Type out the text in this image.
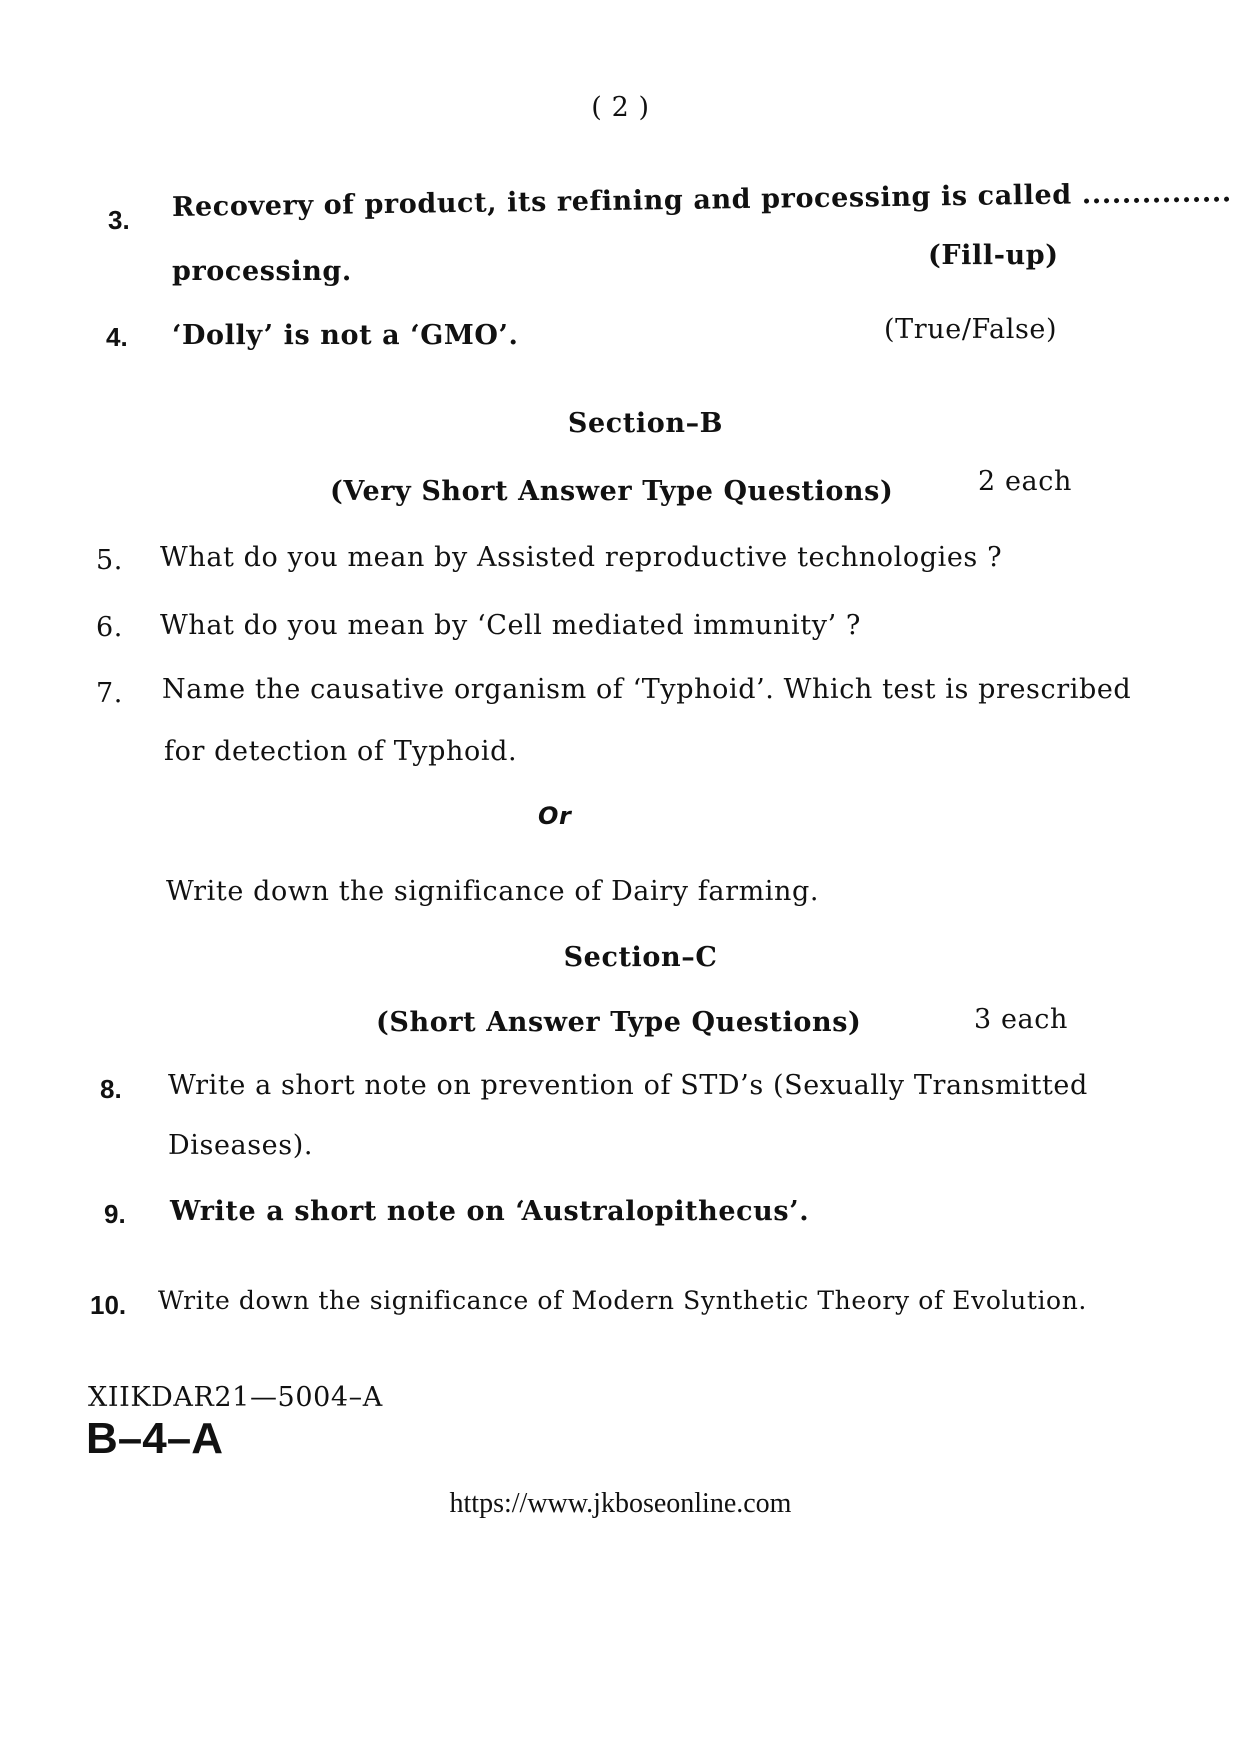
( 2 )
3. Recovery of product, its refining and processing is called ...............
processing.
(Fill-up)
4. ‘Dolly’ is not a ‘GMO’.	(True/False)
Section–B
(Very Short Answer Type Questions)	2 each
5. What do you mean by Assisted reproductive technologies ?
6. What do you mean by ‘Cell mediated immunity’ ?
7. Name the causative organism of ‘Typhoid’. Which test is prescribed
for detection of Typhoid.
Or
Write down the significance of Dairy farming.
Section–C
(Short Answer Type Questions)	3 each
8. Write a short note on prevention of STD’s (Sexually Transmitted
Diseases).
9. Write a short note on ‘Australopithecus’.
10. Write down the significance of Modern Synthetic Theory of Evolution.
XIIKDAR21—5004–A
B–4–A
https://www.jkboseonline.com
